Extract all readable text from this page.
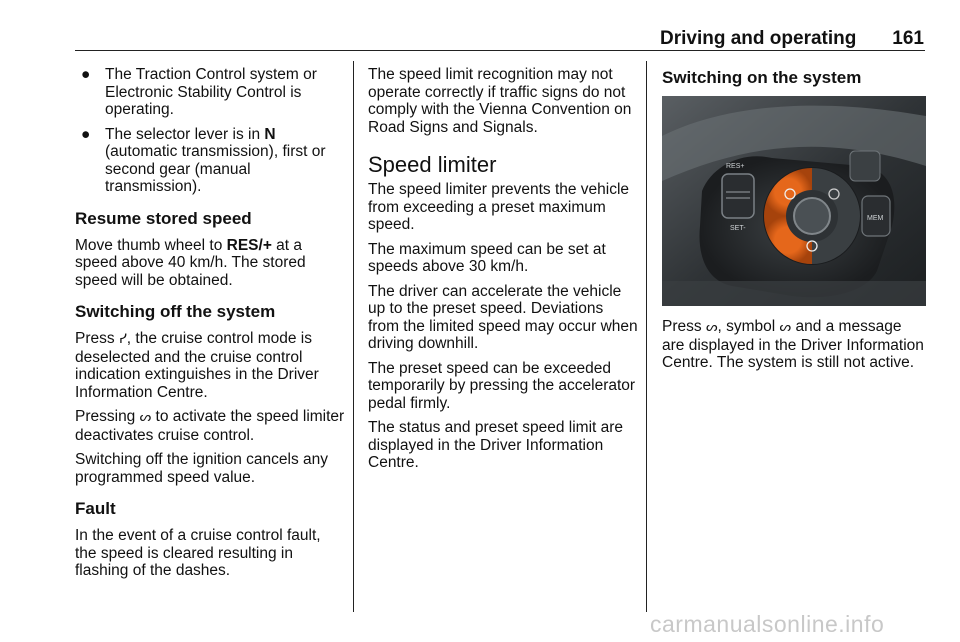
Driving and operating 161
● The Traction Control system or Electronic Stability Control is operating.
● The selector lever is in N (automatic transmission), first or second gear (manual transmission).
Resume stored speed

Move thumb wheel to RES/+ at a speed above 40 km/h. The stored speed will be obtained.

Switching off the system

Press ᓯ, the cruise control mode is deselected and the cruise control indication extinguishes in the Driver Information Centre.

Pressing ᔕ to activate the speed limiter deactivates cruise control.

Switching off the ignition cancels any programmed speed value.

Fault

In the event of a cruise control fault, the speed is cleared resulting in flashing of the dashes.

The speed limit recognition may not operate correctly if traffic signs do not comply with the Vienna Convention on Road Signs and Signals.

Speed limiter

The speed limiter prevents the vehicle from exceeding a preset maximum speed.

The maximum speed can be set at speeds above 30 km/h.

The driver can accelerate the vehicle up to the preset speed. Deviations from the limited speed may occur when driving downhill.

The preset speed can be exceeded temporarily by pressing the accelerator pedal firmly.

The status and preset speed limit are displayed in the Driver Information Centre.

Switching on the system
RES+
SET-
MEM

Press ᔕ, symbol ᔕ and a message are displayed in the Driver Information Centre. The system is still not active.

carmanualsonline.info
